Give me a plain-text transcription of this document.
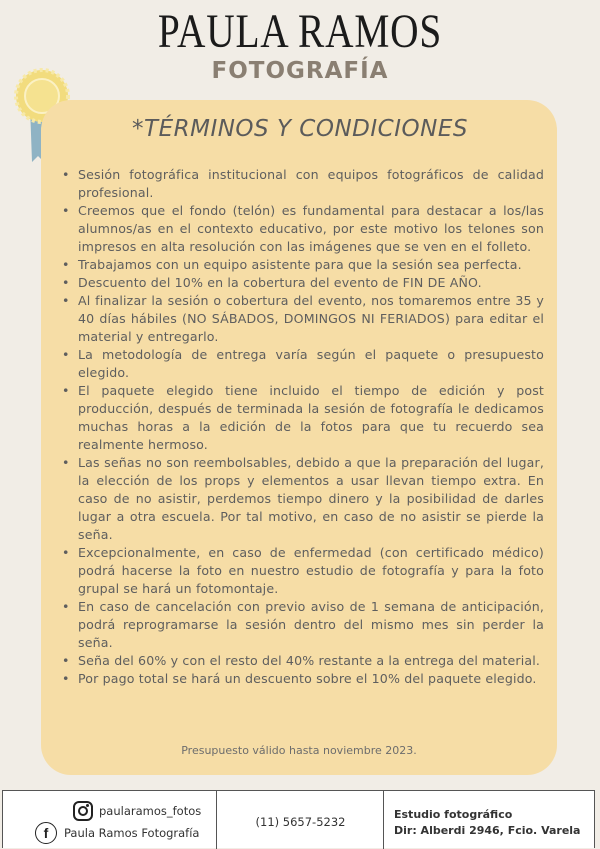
PAULA RAMOS
FOTOGRAFÍA
*TÉRMINOS Y CONDICIONES
• Sesión fotográfica institucional con equipos fotográficos de calidad profesional.
• Creemos que el fondo (telón) es fundamental para destacar a los/las alumnos/as en el contexto educativo, por este motivo los telones son impresos en alta resolución con las imágenes que se ven en el folleto.
• Trabajamos con un equipo asistente para que la sesión sea perfecta.
• Descuento del 10% en la cobertura del evento de FIN DE AÑO.
• Al finalizar la sesión o cobertura del evento, nos tomaremos entre 35 y 40 días hábiles (NO SÁBADOS, DOMINGOS NI FERIADOS) para editar el material y entregarlo.
• La metodología de entrega varía según el paquete o presupuesto elegido.
• El paquete elegido tiene incluido el tiempo de edición y post producción, después de terminada la sesión de fotografía le dedicamos muchas horas a la edición de la fotos para que tu recuerdo sea realmente hermoso.
• Las señas no son reembolsables, debido a que la preparación del lugar, la elección de los props y elementos a usar llevan tiempo extra. En caso de no asistir, perdemos tiempo dinero y la posibilidad de darles lugar a otra escuela. Por tal motivo, en caso de no asistir se pierde la seña.
• Excepcionalmente, en caso de enfermedad (con certificado médico) podrá hacerse la foto en nuestro estudio de fotografía y para la foto grupal se hará un fotomontaje.
• En caso de cancelación con previo aviso de 1 semana de anticipación, podrá reprogramarse la sesión dentro del mismo mes sin perder la seña.
• Seña del 60% y con el resto del 40% restante a la entrega del material.
• Por pago total se hará un descuento sobre el 10% del paquete elegido.
Presupuesto válido hasta noviembre 2023.
paularamos_fotos
f	Paula Ramos Fotografía
(11) 5657-5232
Estudio fotográfico
Dir: Alberdi 2946, Fcio. Varela
